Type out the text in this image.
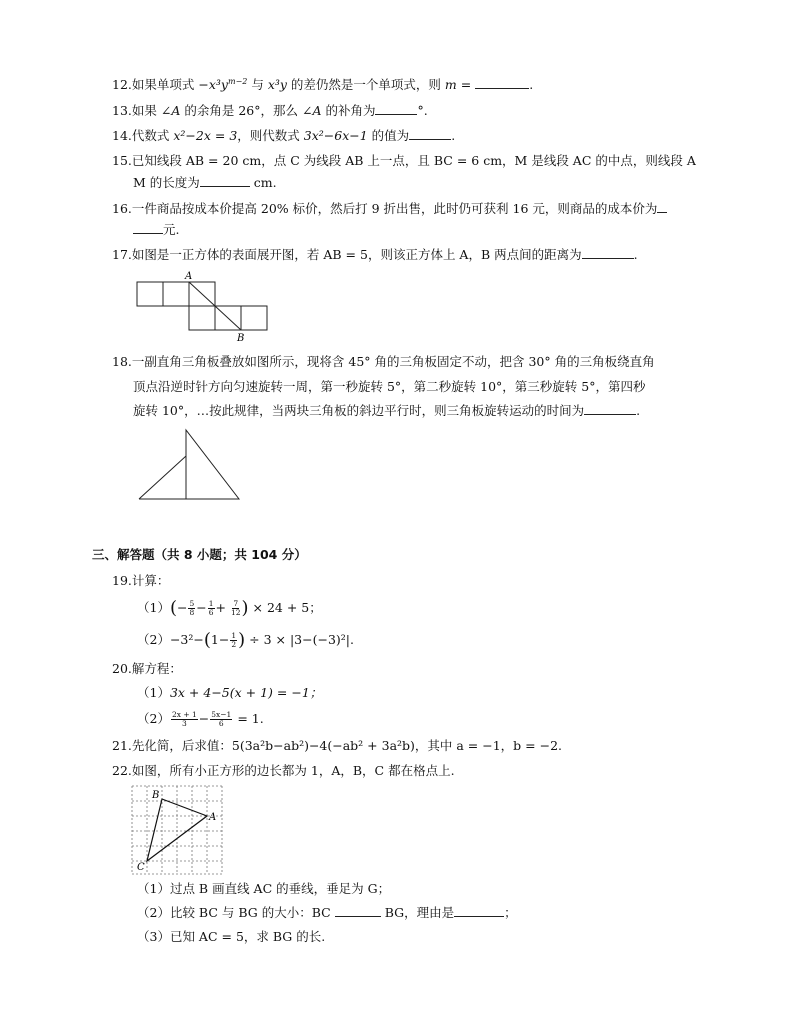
12.如果单项式 $-x^3y^{m-2}$ 与 x³y 的差仍然是一个单项式，则 m =	.
13.如果 ∠A 的余角是 26°，那么 ∠A 的补角为	°.
14.代数式 x²−2x = 3，则代数式 3x²−6x−1 的值为	.
15.已知线段 AB = 20 cm，点 C 为线段 AB 上一点，且 BC = 6 cm，M 是线段 AC 的中点，则线段 A
M 的长度为	cm.
16.一件商品按成本价提高 20% 标价，然后打 9 折出售，此时仍可获利 16 元，则商品的成本价为
元.
17.如图是一正方体的表面展开图，若 AB = 5，则该正方体上 A，B 两点间的距离为	.
A
B
18.一副直角三角板叠放如图所示，现将含 45° 角的三角板固定不动，把含 30° 角的三角板绕直角
顶点沿逆时针方向匀速旋转一周，第一秒旋转 5°，第二秒旋转 10°，第三秒旋转 5°，第四秒
旋转 10°，…按此规律，当两块三角板的斜边平行时，则三角板旋转运动的时间为	.
三、解答题（共 8 小题；共 104 分）
19.计算：
$(1)(- \frac{5}{8} - \frac{1}{6} + \frac{7}{12}$ ) × 24 + 5；
$(2)-3^2-(1- \frac{1}{2}$ ) ÷ 3 × |3−(−3)²|.
20.解方程：
（1）3x + 4−5(x + 1) = −1；
$(2) \frac{2x + 1}{3} - \frac{5x-1}{6} = 1$.
21.先化简，后求值：5(3a²b−ab²)−4(−ab² + 3a²b)，其中 a = −1，b = −2.
22.如图，所有小正方形的边长都为 1，A，B，C 都在格点上.
B
A
C
（1）过点 B 画直线 AC 的垂线，垂足为 G；
（2）比较 BC 与 BG 的大小：BC	BG，理由是	；
（3）已知 AC = 5，求 BG 的长.
